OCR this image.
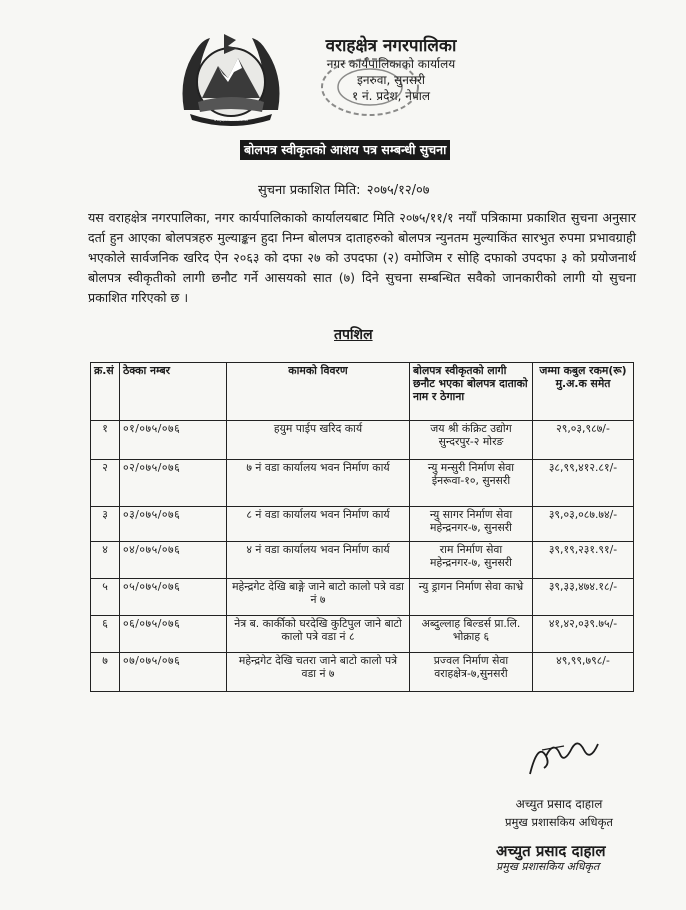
वराहक्षेत्र नगरपालिका
वराहक्षेत्र नगरपालिका
नगर कार्यपालिकाको कार्यालय
इनरुवा, सुनसरी
१ नं. प्रदेश, नेपाल
बोलपत्र स्वीकृतको आशय पत्र सम्बन्धी सुचना
सुचना प्रकाशित मिति: २०७५/१२/०७
यस वराहक्षेत्र नगरपालिका, नगर कार्यपालिकाको कार्यालयबाट मिति २०७५/११/१ नयाँ पत्रिकामा प्रकाशित सुचना अनुसार दर्ता हुन आएका बोलपत्रहरु मुल्याङ्कन हुदा निम्न बोलपत्र दाताहरुको बोलपत्र न्युनतम मुल्याकिंत सारभुत रुपमा प्रभावग्राही भएकोले सार्वजनिक खरिद ऐन २०६३ को दफा २७ को उपदफा (२) वमोजिम र सोहि दफाको उपदफा ३ को प्रयोजनार्थ बोलपत्र स्वीकृतीको लागी छनौट गर्ने आसयको सात (७) दिने सुचना सम्बन्धित सवैको जानकारीको लागी यो सुचना प्रकाशित गरिएको छ ।
तपशिल
क्र.सं	ठेक्का नम्बर	कामको विवरण	बोलपत्र स्वीकृतको लागी छनौट भएका बोलपत्र दाताको नाम र ठेगाना	जम्मा कबुल रकम(रू) मु.अ.क समेत
१	०१/०७५/०७६	हयुम पाईप खरिद कार्य	जय श्री कंक्रिट उद्योग सुन्दरपुर-२ मोरङ	२९,०३,९८७/-
२	०२/०७५/०७६	७ नं वडा कार्यालय भवन निर्माण कार्य	न्यु मन्सुरी निर्माण सेवा ईनरूवा-१०, सुनसरी	३८,९९,४१२.८१/-
३	०३/०७५/०७६	८ नं वडा कार्यालय भवन निर्माण कार्य	न्यु सागर निर्माण सेवा महेन्द्रनगर-७, सुनसरी	३९,०३,०८७.७४/-
४	०४/०७५/०७६	४ नं वडा कार्यालय भवन निर्माण कार्य	राम निर्माण सेवा महेन्द्रनगर-७, सुनसरी	३९,१९,२३१.९१/-
५	०५/०७५/०७६	महेन्द्रगेट देखि बाङ्गे जाने बाटो कालो पत्रे वडा नं ७	न्यु ड्रागन निर्माण सेवा काभ्रे	३९,३३,४७४.१८/-
६	०६/०७५/०७६	नेत्र ब. कार्कीको घरदेखि कुटिपुल जाने बाटो कालो पत्रे वडा नं ८	अब्दुल्लाह बिल्डर्स प्रा.लि. भोक्राह ६	४१,४२,०३९.७५/-
७	०७/०७५/०७६	महेन्द्रगेट देखि चतरा जाने बाटो कालो पत्रे वडा नं ७	प्रज्वल निर्माण सेवा वराहक्षेत्र-७,सुनसरी	४९,९९,७९८/-
अच्युत प्रसाद दाहाल
प्रमुख प्रशासकिय अधिकृत
अच्युत प्रसाद दाहाल
प्रमुख प्रशासकिय अधिकृत
